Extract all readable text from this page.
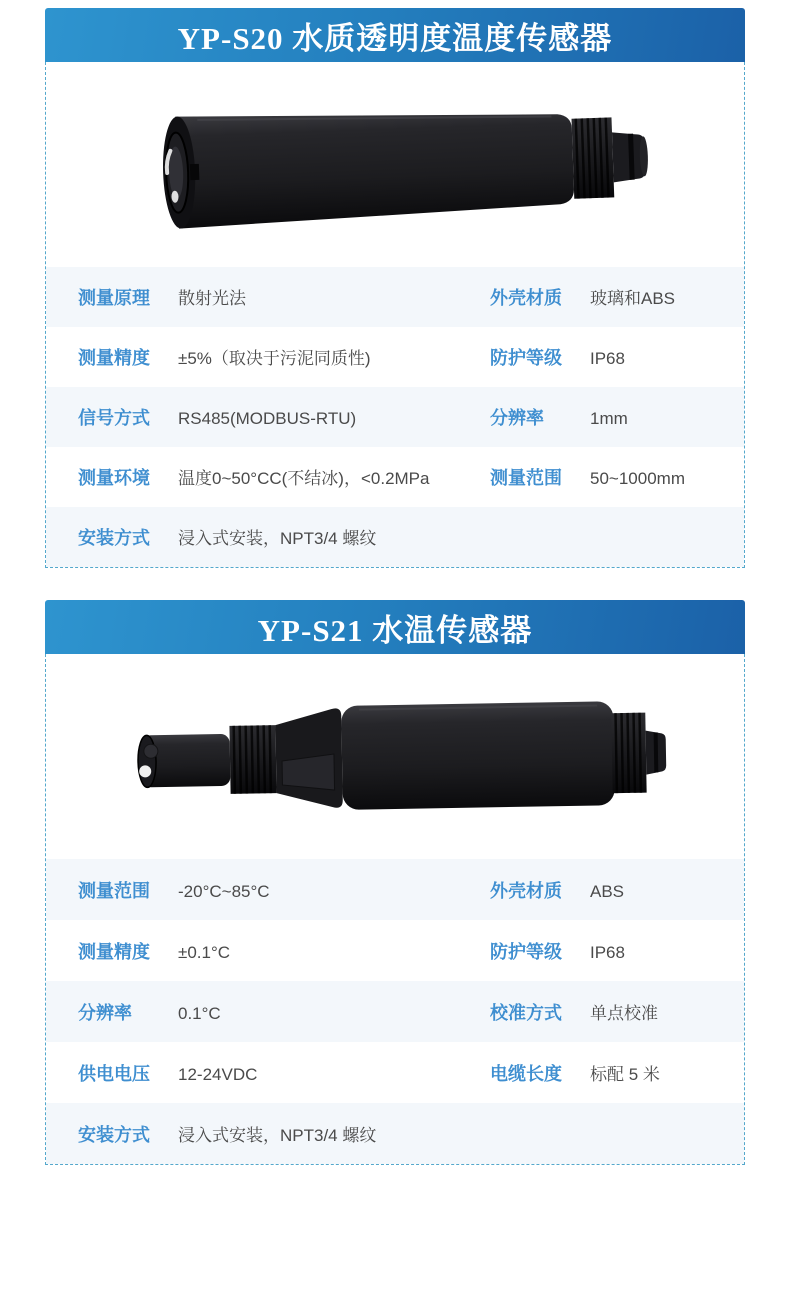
YP-S20 水质透明度温度传感器
测量原理	散射光法	外壳材质	玻璃和ABS
测量精度	±5%（取决于污泥同质性)	防护等级	IP68
信号方式	RS485(MODBUS-RTU)	分辨率	1mm
测量环境	温度0~50°CC(不结冰)，<0.2MPa	测量范围	50~1000mm
安装方式	浸入式安装，NPT3/4 螺纹
YP-S21 水温传感器
测量范围	-20°C~85°C	外壳材质	ABS
测量精度	±0.1°C	防护等级	IP68
分辨率	0.1°C	校准方式	单点校准
供电电压	12-24VDC	电缆长度	标配 5 米
安装方式	浸入式安装，NPT3/4 螺纹
